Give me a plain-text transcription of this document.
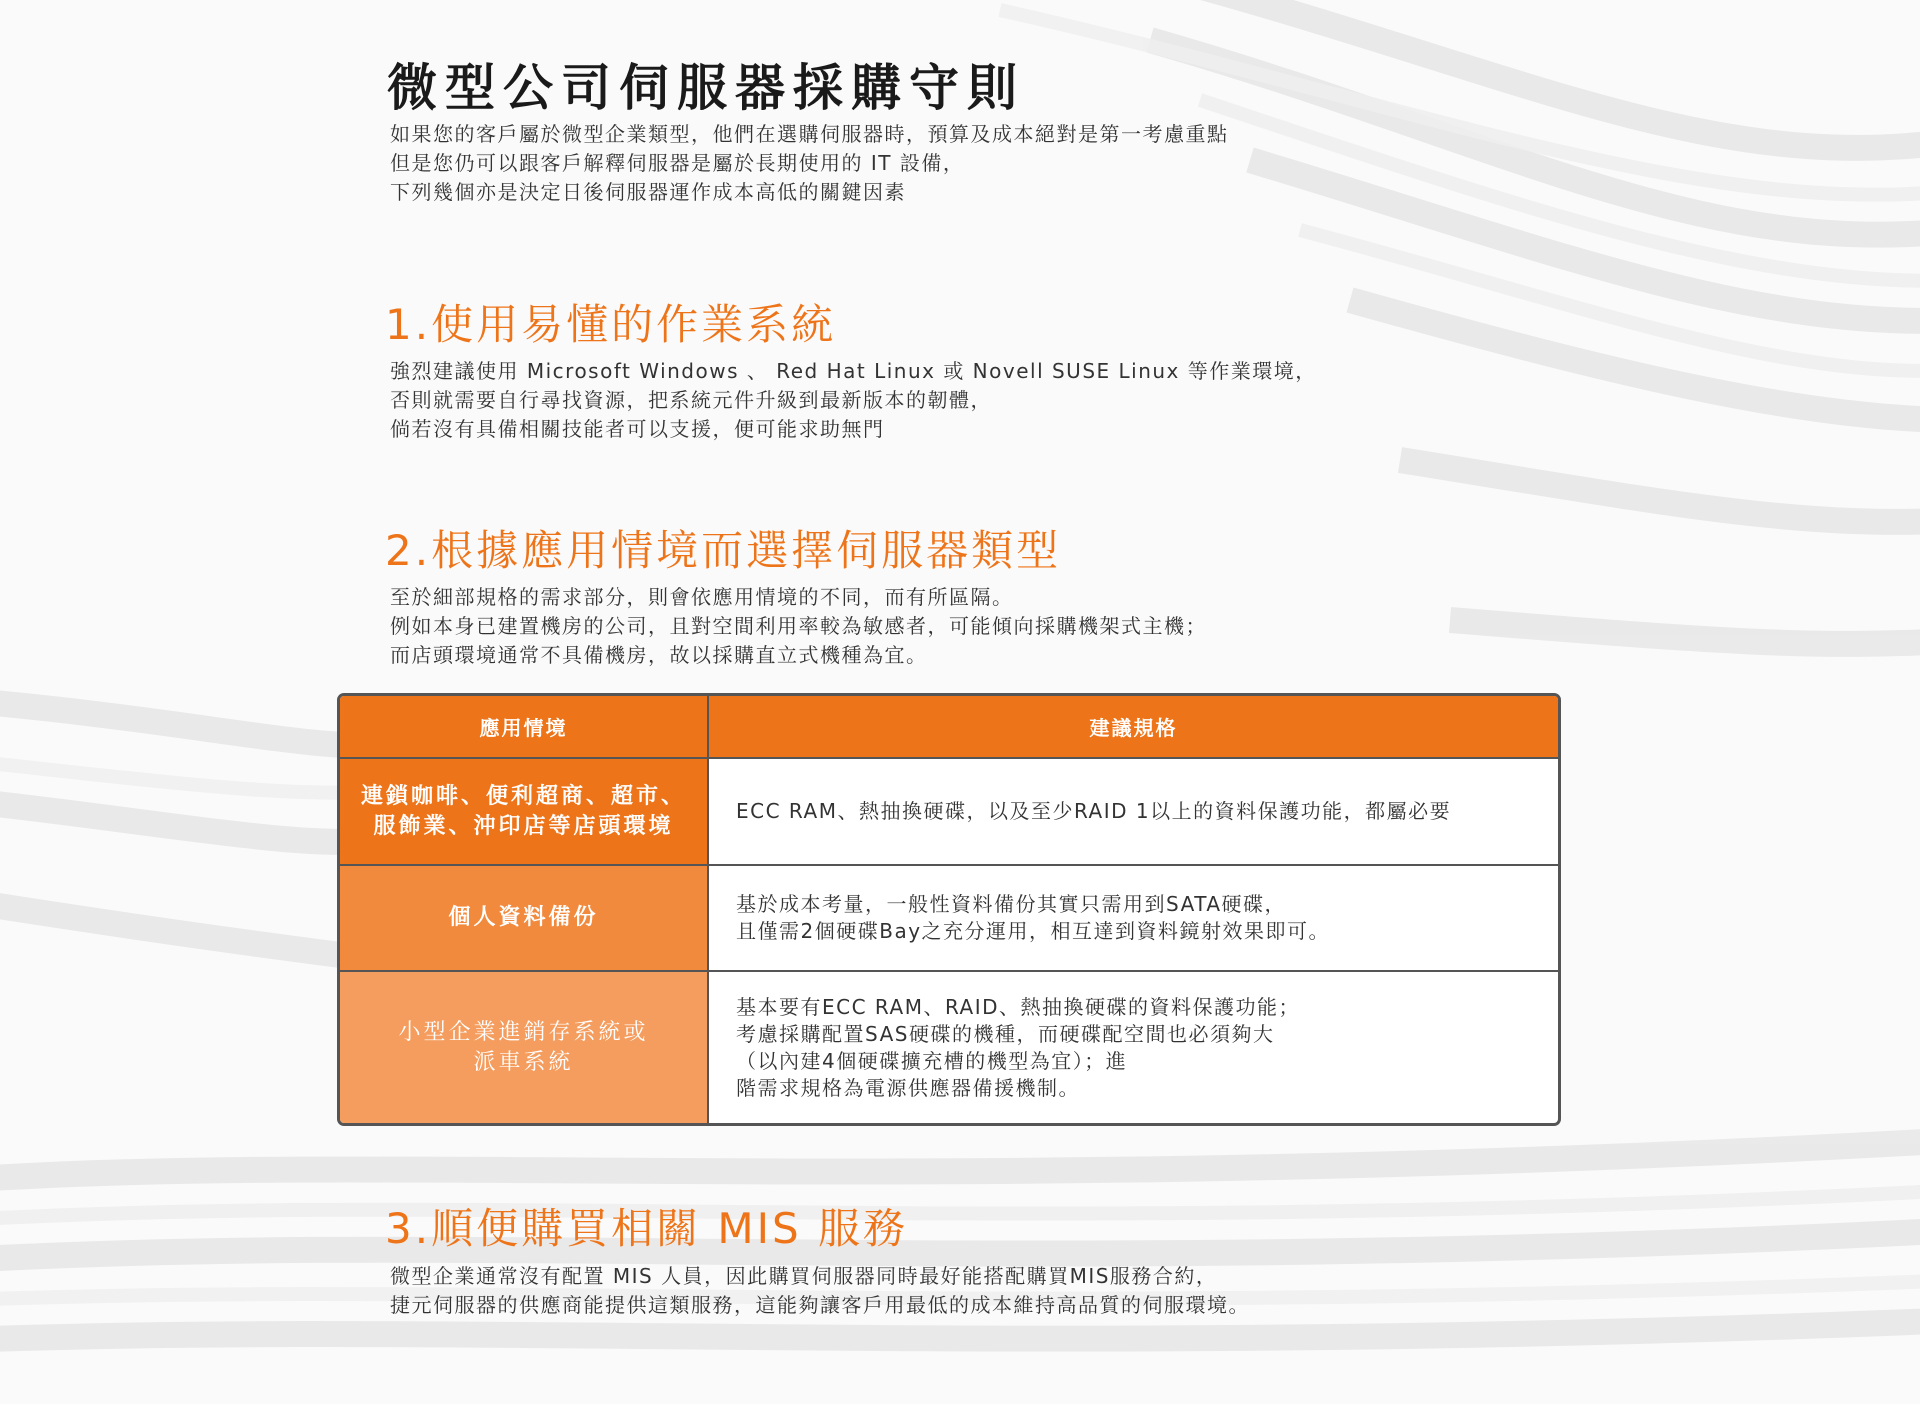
微型公司伺服器採購守則
如果您的客戶屬於微型企業類型，他們在選購伺服器時，預算及成本絕對是第一考慮重點
但是您仍可以跟客戶解釋伺服器是屬於長期使用的 IT 設備，
下列幾個亦是決定日後伺服器運作成本高低的關鍵因素
1.使用易懂的作業系統
強烈建議使用 Microsoft Windows 、 Red Hat Linux 或 Novell SUSE Linux 等作業環境，
否則就需要自行尋找資源，把系統元件升級到最新版本的韌體，
倘若沒有具備相關技能者可以支援，便可能求助無門
2.根據應用情境而選擇伺服器類型
至於細部規格的需求部分，則會依應用情境的不同，而有所區隔。
例如本身已建置機房的公司，且對空間利用率較為敏感者，可能傾向採購機架式主機；
而店頭環境通常不具備機房，故以採購直立式機種為宜。
應用情境	建議規格
連鎖咖啡、便利超商、超市、
服飾業、沖印店等店頭環境
ECC RAM、熱抽換硬碟，以及至少RAID 1以上的資料保護功能，都屬必要
個人資料備份
基於成本考量，一般性資料備份其實只需用到SATA硬碟，
且僅需2個硬碟Bay之充分運用，相互達到資料鏡射效果即可。
小型企業進銷存系統或
派車系統
基本要有ECC RAM、RAID、熱抽換硬碟的資料保護功能；
考慮採購配置SAS硬碟的機種，而硬碟配空間也必須夠大
（以內建4個硬碟擴充槽的機型為宜）；進
階需求規格為電源供應器備援機制。
3.順便購買相關 MIS 服務
微型企業通常沒有配置 MIS 人員，因此購買伺服器同時最好能搭配購買MIS服務合約，
捷元伺服器的供應商能提供這類服務，這能夠讓客戶用最低的成本維持高品質的伺服環境。
